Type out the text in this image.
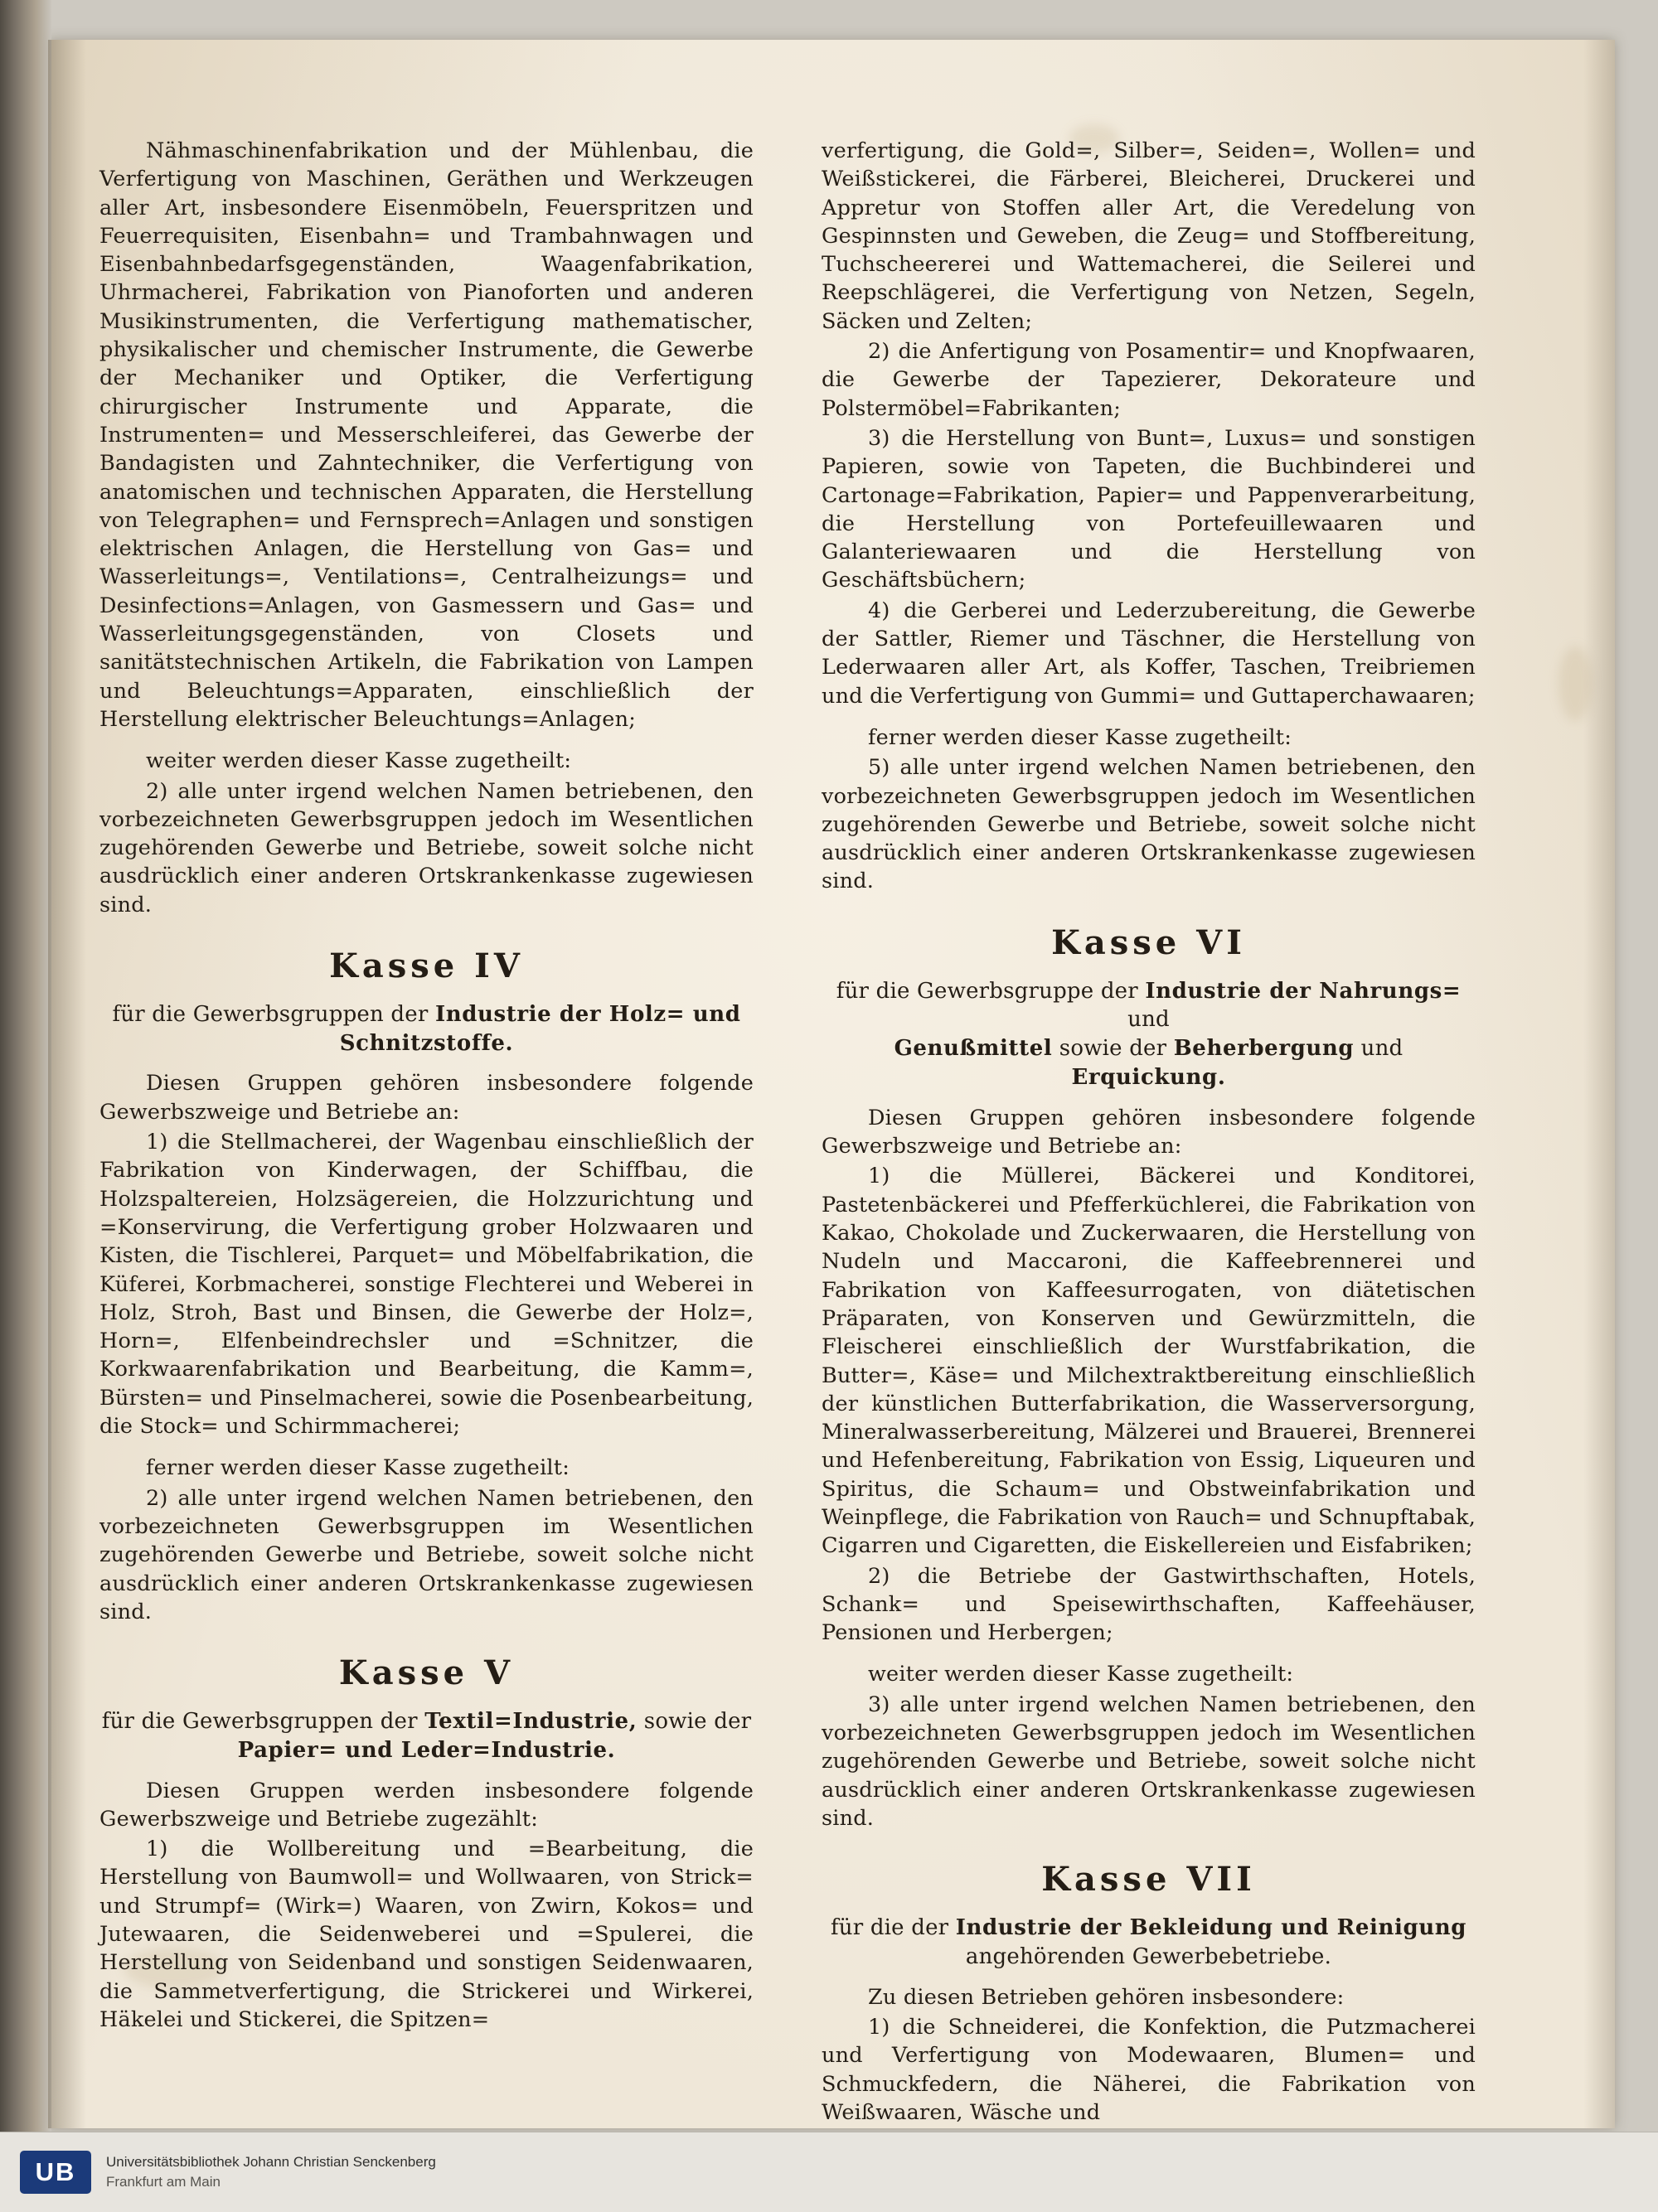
Nähmaschinenfabrikation und der Mühlenbau, die Verfertigung von Maschinen, Geräthen und Werkzeugen aller Art, insbesondere Eisenmöbeln, Feuerspritzen und Feuerrequisiten, Eisenbahn= und Trambahnwagen und Eisenbahnbedarfsgegenständen, Waagenfabrikation, Uhrmacherei, Fabrikation von Pianoforten und anderen Musikinstrumenten, die Verfertigung mathematischer, physikalischer und chemischer Instrumente, die Gewerbe der Mechaniker und Optiker, die Verfertigung chirurgischer Instrumente und Apparate, die Instrumenten= und Messerschleiferei, das Gewerbe der Bandagisten und Zahntechniker, die Verfertigung von anatomischen und technischen Apparaten, die Herstellung von Telegraphen= und Fernsprech=Anlagen und sonstigen elektrischen Anlagen, die Herstellung von Gas= und Wasserleitungs=, Ventilations=, Centralheizungs= und Desinfections=Anlagen, von Gasmessern und Gas= und Wasserleitungsgegenständen, von Closets und sanitätstechnischen Artikeln, die Fabrikation von Lampen und Beleuchtungs=Apparaten, einschließlich der Herstellung elektrischer Beleuchtungs=Anlagen;

weiter werden dieser Kasse zugetheilt:

2) alle unter irgend welchen Namen betriebenen, den vorbezeichneten Gewerbsgruppen jedoch im Wesentlichen zugehörenden Gewerbe und Betriebe, soweit solche nicht ausdrücklich einer anderen Ortskrankenkasse zugewiesen sind.

Kasse IV
für die Gewerbsgruppen der Industrie der Holz= und
Schnitzstoffe.

Diesen Gruppen gehören insbesondere folgende Gewerbszweige und Betriebe an:

1) die Stellmacherei, der Wagenbau einschließlich der Fabrikation von Kinderwagen, der Schiffbau, die Holzspaltereien, Holzsägereien, die Holzzurichtung und =Konservirung, die Verfertigung grober Holzwaaren und Kisten, die Tischlerei, Parquet= und Möbelfabrikation, die Küferei, Korbmacherei, sonstige Flechterei und Weberei in Holz, Stroh, Bast und Binsen, die Gewerbe der Holz=, Horn=, Elfenbeindrechsler und =Schnitzer, die Korkwaarenfabrikation und Bearbeitung, die Kamm=, Bürsten= und Pinselmacherei, sowie die Posenbearbeitung, die Stock= und Schirmmacherei;

ferner werden dieser Kasse zugetheilt:

2) alle unter irgend welchen Namen betriebenen, den vorbezeichneten Gewerbsgruppen im Wesentlichen zugehörenden Gewerbe und Betriebe, soweit solche nicht ausdrücklich einer anderen Ortskrankenkasse zugewiesen sind.

Kasse V
für die Gewerbsgruppen der Textil=Industrie, sowie der
Papier= und Leder=Industrie.

Diesen Gruppen werden insbesondere folgende Gewerbszweige und Betriebe zugezählt:

1) die Wollbereitung und =Bearbeitung, die Herstellung von Baumwoll= und Wollwaaren, von Strick= und Strumpf= (Wirk=) Waaren, von Zwirn, Kokos= und Jutewaaren, die Seidenweberei und =Spulerei, die Herstellung von Seidenband und sonstigen Seidenwaaren, die Sammetverfertigung, die Strickerei und Wirkerei, Häkelei und Stickerei, die Spitzen=

verfertigung, die Gold=, Silber=, Seiden=, Wollen= und Weißstickerei, die Färberei, Bleicherei, Druckerei und Appretur von Stoffen aller Art, die Veredelung von Gespinnsten und Geweben, die Zeug= und Stoffbereitung, Tuchscheererei und Wattemacherei, die Seilerei und Reepschlägerei, die Verfertigung von Netzen, Segeln, Säcken und Zelten;

2) die Anfertigung von Posamentir= und Knopfwaaren, die Gewerbe der Tapezierer, Dekorateure und Polstermöbel=Fabrikanten;

3) die Herstellung von Bunt=, Luxus= und sonstigen Papieren, sowie von Tapeten, die Buchbinderei und Cartonage=Fabrikation, Papier= und Pappenverarbeitung, die Herstellung von Portefeuillewaaren und Galanteriewaaren und die Herstellung von Geschäftsbüchern;

4) die Gerberei und Lederzubereitung, die Gewerbe der Sattler, Riemer und Täschner, die Herstellung von Lederwaaren aller Art, als Koffer, Taschen, Treibriemen und die Verfertigung von Gummi= und Guttaperchawaaren;

ferner werden dieser Kasse zugetheilt:

5) alle unter irgend welchen Namen betriebenen, den vorbezeichneten Gewerbsgruppen jedoch im Wesentlichen zugehörenden Gewerbe und Betriebe, soweit solche nicht ausdrücklich einer anderen Ortskrankenkasse zugewiesen sind.

Kasse VI
für die Gewerbsgruppe der Industrie der Nahrungs= und
Genußmittel sowie der Beherbergung und Erquickung.

Diesen Gruppen gehören insbesondere folgende Gewerbszweige und Betriebe an:

1) die Müllerei, Bäckerei und Konditorei, Pastetenbäckerei und Pfefferküchlerei, die Fabrikation von Kakao, Chokolade und Zuckerwaaren, die Herstellung von Nudeln und Maccaroni, die Kaffeebrennerei und Fabrikation von Kaffeesurrogaten, von diätetischen Präparaten, von Konserven und Gewürzmitteln, die Fleischerei einschließlich der Wurstfabrikation, die Butter=, Käse= und Milchextraktbereitung einschließlich der künstlichen Butterfabrikation, die Wasserversorgung, Mineralwasserbereitung, Mälzerei und Brauerei, Brennerei und Hefenbereitung, Fabrikation von Essig, Liqueuren und Spiritus, die Schaum= und Obstweinfabrikation und Weinpflege, die Fabrikation von Rauch= und Schnupftabak, Cigarren und Cigaretten, die Eiskellereien und Eisfabriken;

2) die Betriebe der Gastwirthschaften, Hotels, Schank= und Speisewirthschaften, Kaffeehäuser, Pensionen und Herbergen;

weiter werden dieser Kasse zugetheilt:

3) alle unter irgend welchen Namen betriebenen, den vorbezeichneten Gewerbsgruppen jedoch im Wesentlichen zugehörenden Gewerbe und Betriebe, soweit solche nicht ausdrücklich einer anderen Ortskrankenkasse zugewiesen sind.

Kasse VII
für die der Industrie der Bekleidung und Reinigung angehörenden Gewerbebetriebe.

Zu diesen Betrieben gehören insbesondere:

1) die Schneiderei, die Konfektion, die Putzmacherei und Verfertigung von Modewaaren, Blumen= und Schmuckfedern, die Näherei, die Fabrikation von Weißwaaren, Wäsche und

UB	Universitätsbibliothek Johann Christian Senckenberg
Frankfurt am Main
